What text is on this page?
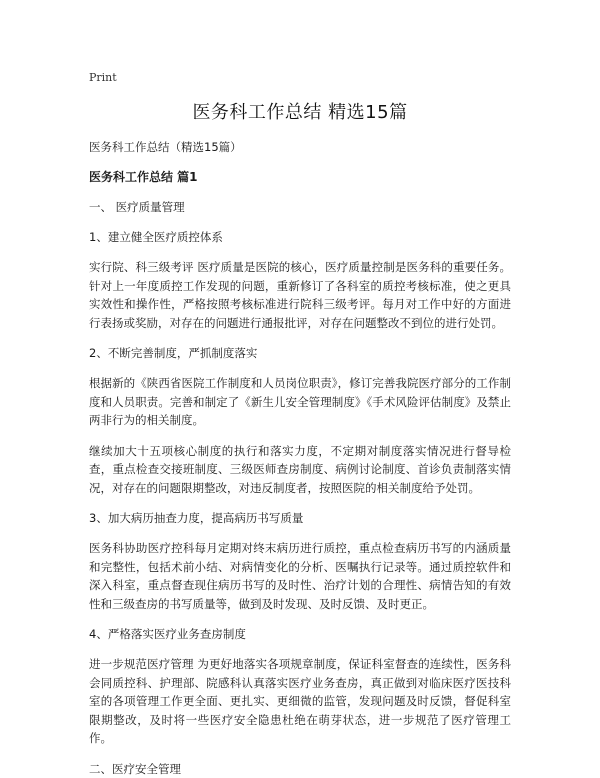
Print
医务科工作总结 精选15篇
医务科工作总结（精选15篇）
医务科工作总结 篇1
一、 医疗质量管理
1、建立健全医疗质控体系
实行院、科三级考评 医疗质量是医院的核心，医疗质量控制是医务科的重要任务。针对上一年度质控工作发现的问题，重新修订了各科室的质控考核标准，使之更具实效性和操作性，严格按照考核标准进行院科三级考评。每月对工作中好的方面进行表扬或奖励，对存在的问题进行通报批评，对存在问题整改不到位的进行处罚。
2、不断完善制度，严抓制度落实
根据新的《陕西省医院工作制度和人员岗位职责》，修订完善我院医疗部分的工作制度和人员职责。完善和制定了《新生儿安全管理制度》《手术风险评估制度》及禁止两非行为的相关制度。
继续加大十五项核心制度的执行和落实力度，不定期对制度落实情况进行督导检查，重点检查交接班制度、三级医师查房制度、病例讨论制度、首诊负责制落实情况，对存在的问题限期整改，对违反制度者，按照医院的相关制度给予处罚。
3、加大病历抽查力度，提高病历书写质量
医务科协助医疗控科每月定期对终末病历进行质控，重点检查病历书写的内涵质量和完整性，包括术前小结、对病情变化的分析、医嘱执行记录等。通过质控软件和深入科室，重点督查现住病历书写的及时性、治疗计划的合理性、病情告知的有效性和三级查房的书写质量等，做到及时发现、及时反馈、及时更正。
4、严格落实医疗业务查房制度
进一步规范医疗管理 为更好地落实各项规章制度，保证科室督查的连续性，医务科会同质控科、护理部、院感科认真落实医疗业务查房，真正做到对临床医疗医技科室的各项管理工作更全面、更扎实、更细微的监管，发现问题及时反馈，督促科室限期整改，及时将一些医疗安全隐患杜绝在萌芽状态，进一步规范了医疗管理工作。
二、医疗安全管理
